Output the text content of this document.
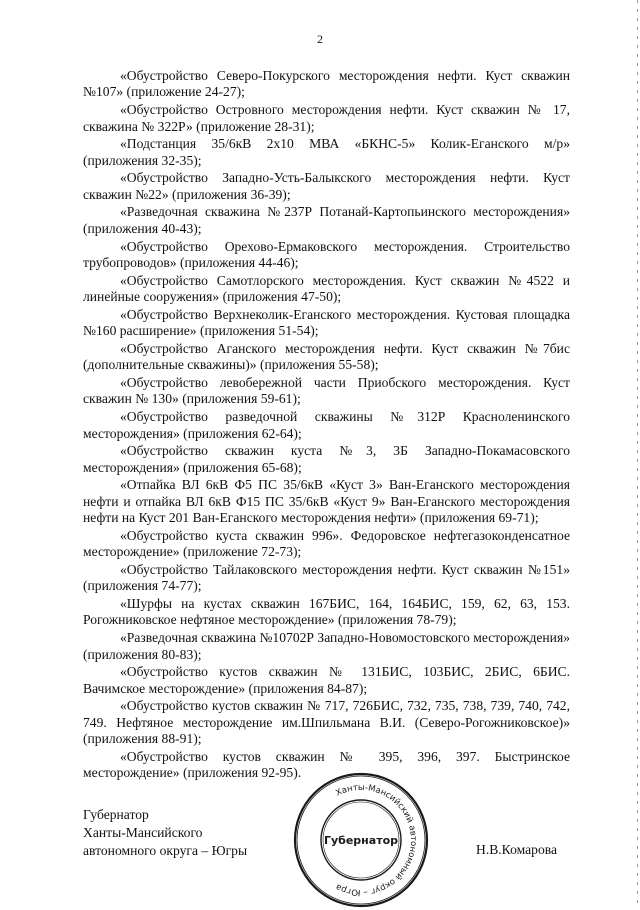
2

«Обустройство Северо-Покурского месторождения нефти. Куст скважин №107» (приложение 24-27);

«Обустройство Островного месторождения нефти. Куст скважин № 17, скважина № 322Р» (приложение 28-31);

«Подстанция 35/6кВ 2х10 МВА «БКНС-5» Колик-Еганского м/р» (приложения 32-35);

«Обустройство Западно-Усть-Балыкского месторождения нефти. Куст скважин №22» (приложения 36-39);

«Разведочная скважина №237Р Потанай-Картопьинского месторождения» (приложения 40-43);

«Обустройство Орехово-Ермаковского месторождения. Строительство трубопроводов» (приложения 44-46);

«Обустройство Самотлорского месторождения. Куст скважин №4522 и линейные сооружения» (приложения 47-50);

«Обустройство Верхнеколик-Еганского месторождения. Кустовая площадка №160 расширение» (приложения 51-54);

«Обустройство Аганского месторождения нефти. Куст скважин №7бис (дополнительные скважины)» (приложения 55-58);

«Обустройство левобережной части Приобского месторождения. Куст скважин № 130» (приложения 59-61);

«Обустройство разведочной скважины №312Р Красноленинского месторождения» (приложения 62-64);

«Обустройство скважин куста №3, 3Б Западно-Покамасовского месторождения» (приложения 65-68);

«Отпайка ВЛ 6кВ Ф5 ПС 35/6кВ «Куст 3» Ван-Еганского месторождения нефти и отпайка ВЛ 6кВ Ф15 ПС 35/6кВ «Куст 9» Ван-Еганского месторождения нефти на Куст 201 Ван-Еганского месторождения нефти» (приложения 69-71);

«Обустройство куста скважин 996». Федоровское нефтегазоконденсатное месторождение» (приложение 72-73);

«Обустройство Тайлаковского месторождения нефти. Куст скважин №151» (приложения 74-77);

«Шурфы на кустах скважин 167БИС, 164, 164БИС, 159, 62, 63, 153. Рогожниковское нефтяное месторождение» (приложения 78-79);

«Разведочная скважина №10702Р Западно-Новомостовского месторождения» (приложения 80-83);

«Обустройство кустов скважин № 131БИС, 103БИС, 2БИС, 6БИС. Вачимское месторождение» (приложения 84-87);

«Обустройство кустов скважин № 717, 726БИС, 732, 735, 738, 739, 740, 742, 749. Нефтяное месторождение им.Шпильмана В.И. (Северо-Рогожниковское)» (приложения 88-91);

«Обустройство кустов скважин № 395, 396, 397. Быстринское месторождение» (приложения 92-95).

Губернатор
Ханты-Мансийского
автономного округа – Югры
Ханты-Мансийский автономный округ – Югра
Губернатор
Н.В.Комарова
